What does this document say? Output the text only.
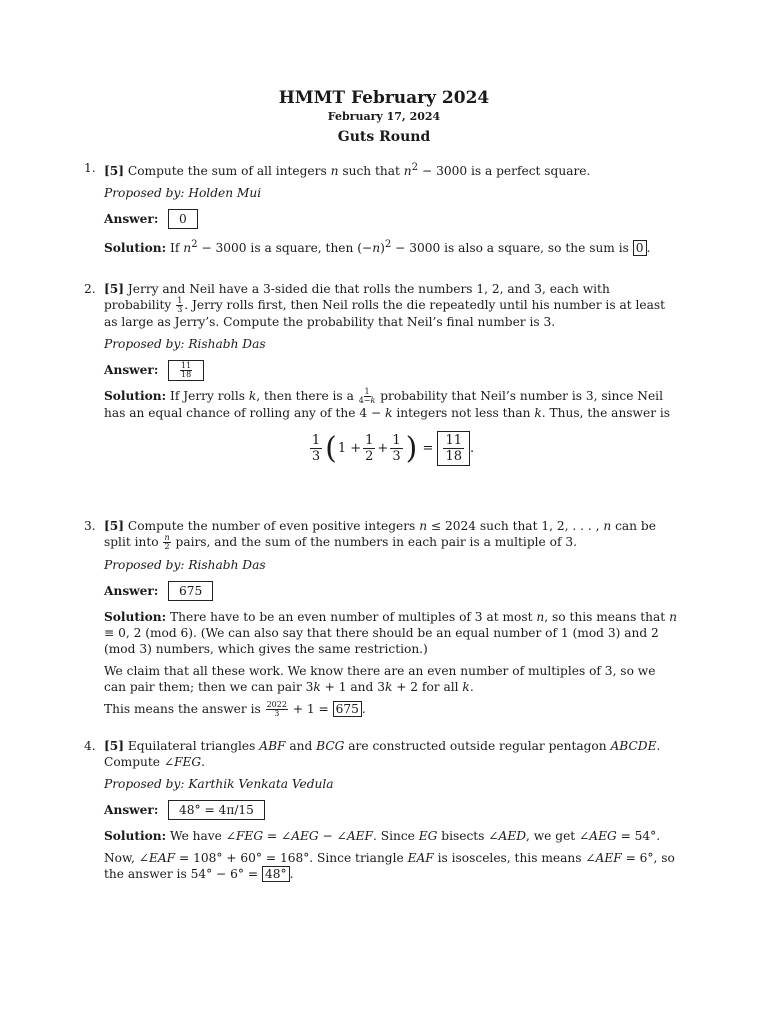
HMMT February 2024
February 17, 2024
Guts Round
1. [5] Compute the sum of all integers n such that $n^2 - 3000$ is a perfect square.

Proposed by: Holden Mui

Answer:	0

Solution: If $n^2 - 3000$ is a square, then $(-n)^2 - 3000$ is also a square, so the sum is 0 .

2. [5] Jerry and Neil have a 3-sided die that rolls the numbers 1, 2, and 3, each with probability $\frac{1}{3}$ . Jerry rolls first, then Neil rolls the die repeatedly until his number is at least as large as Jerry’s. Compute the probability that Neil’s final number is 3.

Proposed by: Rishabh Das

Answer:	11
18

Solution: If Jerry rolls k, then there is a $\frac{1}{4-k}$ probability that Neil’s number is 3, since Neil has an equal chance of rolling any of the 4 − k integers not less than k. Thus, the answer is

1
3 ( 1 + 1
2
+ 1
3 ) = 11
18
.
3. [5] Compute the number of even positive integers n ≤ 2024 such that 1, 2, . . . , n can be split into $\frac{n}{2}$ pairs, and the sum of the numbers in each pair is a multiple of 3.

Proposed by: Rishabh Das

Answer:	675

Solution: There have to be an even number of multiples of 3 at most n, so this means that n ≡ 0, 2 (mod 6). (We can also say that there should be an equal number of 1 (mod 3) and 2 (mod 3) numbers, which gives the same restriction.)

We claim that all these work. We know there are an even number of multiples of 3, so we can pair them; then we can pair 3k + 1 and 3k + 2 for all k.

This means the answer is $\frac{2022}{3} + 1 = 675$ .

4. [5] Equilateral triangles ABF and BCG are constructed outside regular pentagon ABCDE. Compute ∠FEG.

Proposed by: Karthik Venkata Vedula

Answer:	48° = 4π/15

Solution: We have ∠FEG = ∠AEG − ∠AEF. Since EG bisects ∠AED, we get ∠AEG = 54°.

Now, ∠EAF = 108° + 60° = 168°. Since triangle EAF is isosceles, this means ∠AEF = 6°, so the answer is 54° − 6° = 48° .
